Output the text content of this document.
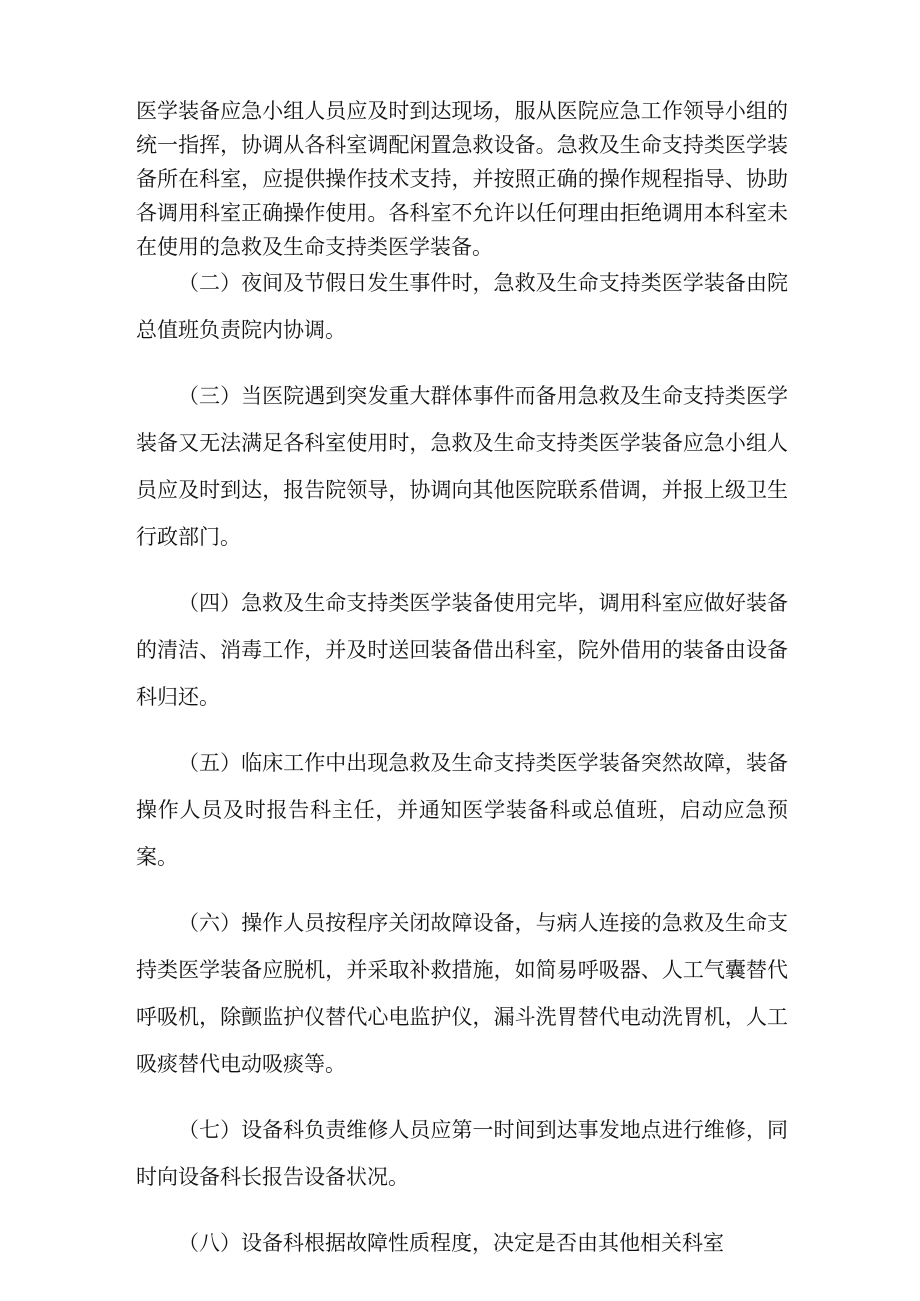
医学装备应急小组人员应及时到达现场，服从医院应急工作领导小组的统一指挥，协调从各科室调配闲置急救设备。急救及生命支持类医学装备所在科室，应提供操作技术支持，并按照正确的操作规程指导、协助各调用科室正确操作使用。各科室不允许以任何理由拒绝调用本科室未在使用的急救及生命支持类医学装备。

（二）夜间及节假日发生事件时，急救及生命支持类医学装备由院总值班负责院内协调。

（三）当医院遇到突发重大群体事件而备用急救及生命支持类医学装备又无法满足各科室使用时，急救及生命支持类医学装备应急小组人员应及时到达，报告院领导，协调向其他医院联系借调，并报上级卫生行政部门。

（四）急救及生命支持类医学装备使用完毕，调用科室应做好装备的清洁、消毒工作，并及时送回装备借出科室，院外借用的装备由设备科归还。

（五）临床工作中出现急救及生命支持类医学装备突然故障，装备操作人员及时报告科主任，并通知医学装备科或总值班，启动应急预案。

（六）操作人员按程序关闭故障设备，与病人连接的急救及生命支持类医学装备应脱机，并采取补救措施，如简易呼吸器、人工气囊替代呼吸机，除颤监护仪替代心电监护仪，漏斗洗胃替代电动洗胃机，人工吸痰替代电动吸痰等。

（七）设备科负责维修人员应第一时间到达事发地点进行维修，同时向设备科长报告设备状况。

（八）设备科根据故障性质程度，决定是否由其他相关科室
